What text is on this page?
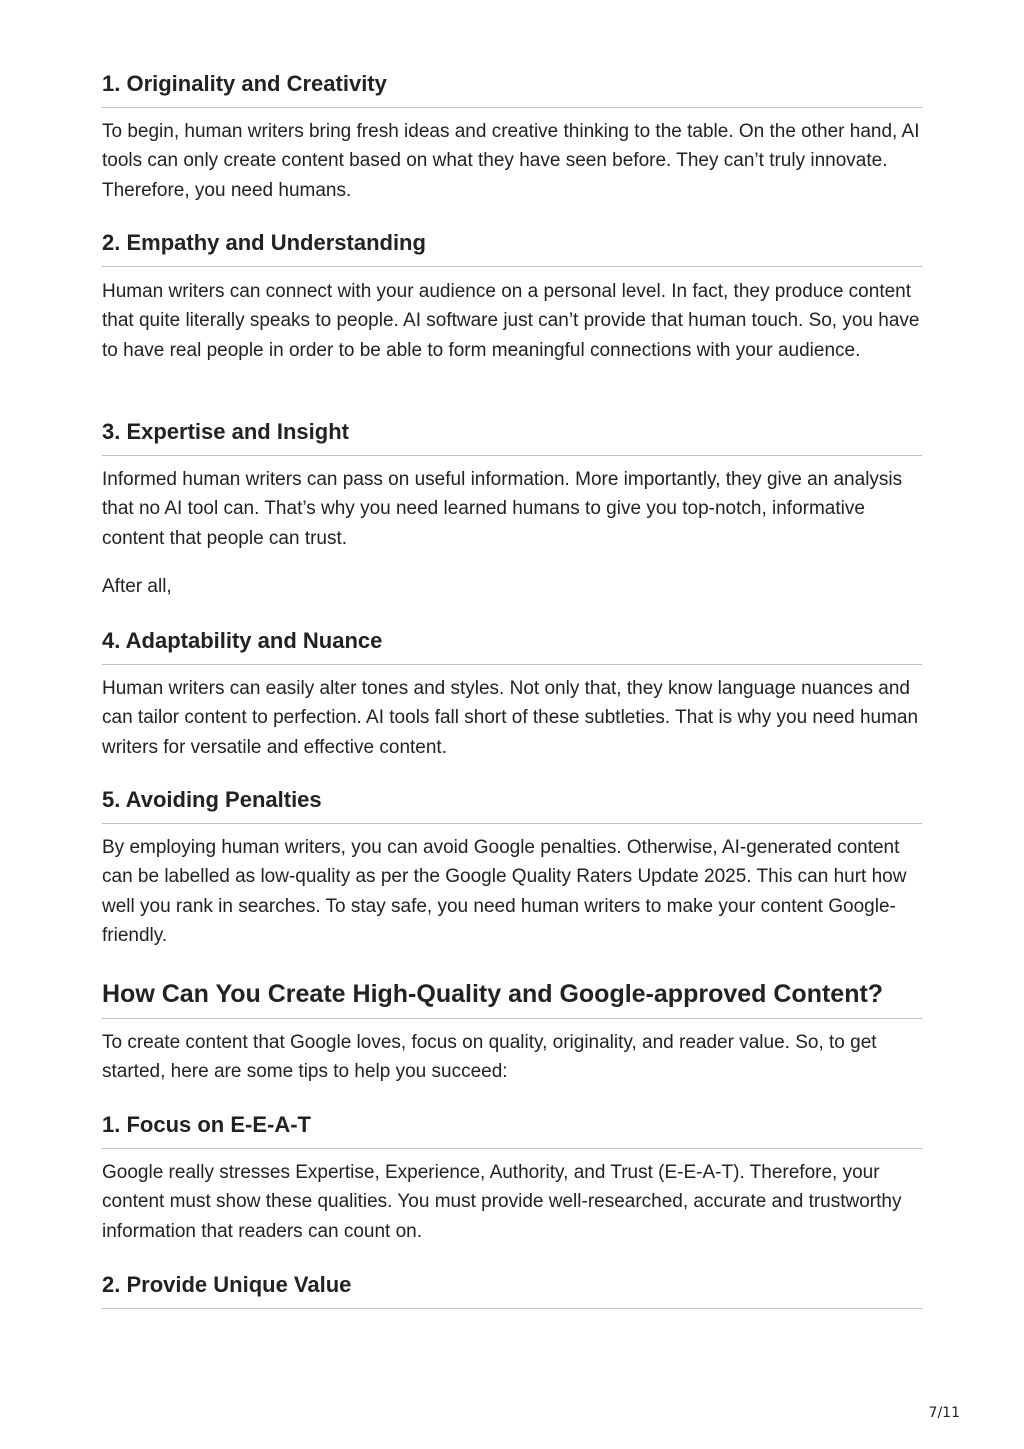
1. Originality and Creativity

To begin, human writers bring fresh ideas and creative thinking to the table. On the other hand, AI tools can only create content based on what they have seen before. They can’t truly innovate. Therefore, you need humans.

2. Empathy and Understanding

Human writers can connect with your audience on a personal level. In fact, they produce content that quite literally speaks to people. AI software just can’t provide that human touch. So, you have to have real people in order to be able to form meaningful connections with your audience.

3. Expertise and Insight

Informed human writers can pass on useful information. More importantly, they give an analysis that no AI tool can. That’s why you need learned humans to give you top-notch, informative content that people can trust.

After all,

4. Adaptability and Nuance

Human writers can easily alter tones and styles. Not only that, they know language nuances and can tailor content to perfection. AI tools fall short of these subtleties. That is why you need human writers for versatile and effective content.

5. Avoiding Penalties

By employing human writers, you can avoid Google penalties. Otherwise, AI-generated content can be labelled as low-quality as per the Google Quality Raters Update 2025. This can hurt how well you rank in searches. To stay safe, you need human writers to make your content Google-friendly.

How Can You Create High-Quality and Google-approved Content?

To create content that Google loves, focus on quality, originality, and reader value. So, to get started, here are some tips to help you succeed:

1. Focus on E-E-A-T

Google really stresses Expertise, Experience, Authority, and Trust (E-E-A-T). Therefore, your content must show these qualities. You must provide well-researched, accurate and trustworthy information that readers can count on.

2. Provide Unique Value
7/11
